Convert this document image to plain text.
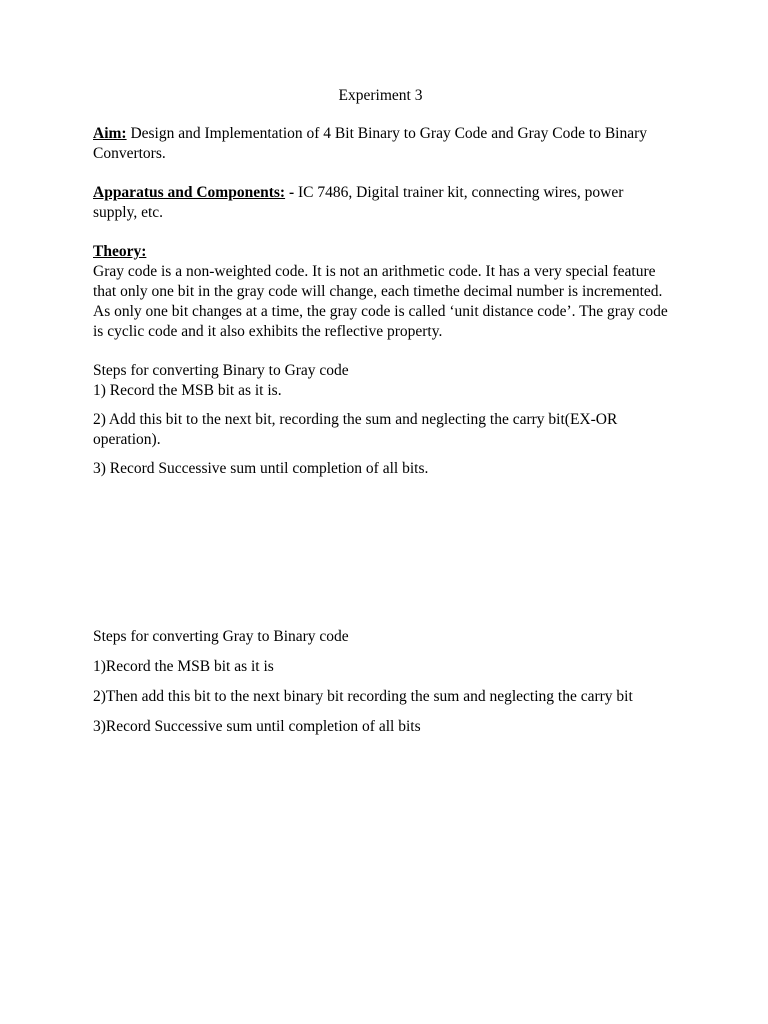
Experiment 3

Aim: Design and Implementation of 4 Bit Binary to Gray Code and Gray Code to Binary Convertors.

Apparatus and Components: - IC 7486, Digital trainer kit, connecting wires, power supply, etc.

Theory:

Gray code is a non-weighted code. It is not an arithmetic code. It has a very special feature that only one bit in the gray code will change, each timethe decimal number is incremented. As only one bit changes at a time, the gray code is called ‘unit distance code’. The gray code is cyclic code and it also exhibits the reflective property.

Steps for converting Binary to Gray code

1) Record the MSB bit as it is.

2) Add this bit to the next bit, recording the sum and neglecting the carry bit(EX-OR operation).

3) Record Successive sum until completion of all bits.

Steps for converting Gray to Binary code

1)Record the MSB bit as it is

2)Then add this bit to the next binary bit recording the sum and neglecting the carry bit

3)Record Successive sum until completion of all bits
